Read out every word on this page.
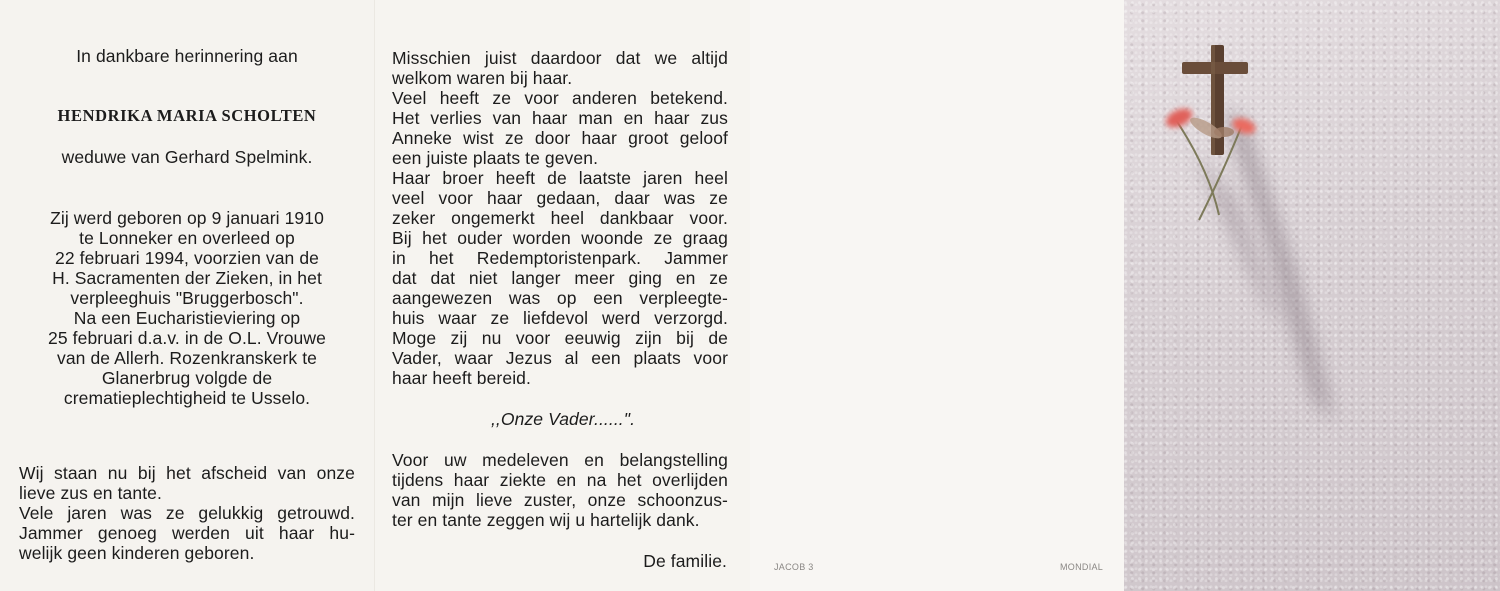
In dankbare herinnering aan
HENDRIKA MARIA SCHOLTEN
weduwe van Gerhard Spelmink.
Zij werd geboren op 9 januari 1910
te Lonneker en overleed op
22 februari 1994, voorzien van de
H. Sacramenten der Zieken, in het
verpleeghuis "Bruggerbosch".
Na een Eucharistieviering op
25 februari d.a.v. in de O.L. Vrouwe
van de Allerh. Rozenkranskerk te
Glanerbrug volgde de
crematieplechtigheid te Usselo.
Wij staan nu bij het afscheid van onze
lieve zus en tante.
Vele jaren was ze gelukkig getrouwd.
Jammer genoeg werden uit haar hu-
welijk geen kinderen geboren.
Misschien juist daardoor dat we altijd
welkom waren bij haar.
Veel heeft ze voor anderen betekend.
Het verlies van haar man en haar zus
Anneke wist ze door haar groot geloof
een juiste plaats te geven.
Haar broer heeft de laatste jaren heel
veel voor haar gedaan, daar was ze
zeker ongemerkt heel dankbaar voor.
Bij het ouder worden woonde ze graag
in het Redemptoristenpark. Jammer
dat dat niet langer meer ging en ze
aangewezen was op een verpleegte-
huis waar ze liefdevol werd verzorgd.
Moge zij nu voor eeuwig zijn bij de
Vader, waar Jezus al een plaats voor
haar heeft bereid.
,,Onze Vader......".
Voor uw medeleven en belangstelling
tijdens haar ziekte en na het overlijden
van mijn lieve zuster, onze schoonzus-
ter en tante zeggen wij u hartelijk dank.
De familie.	JACOB 3	MONDIAL
